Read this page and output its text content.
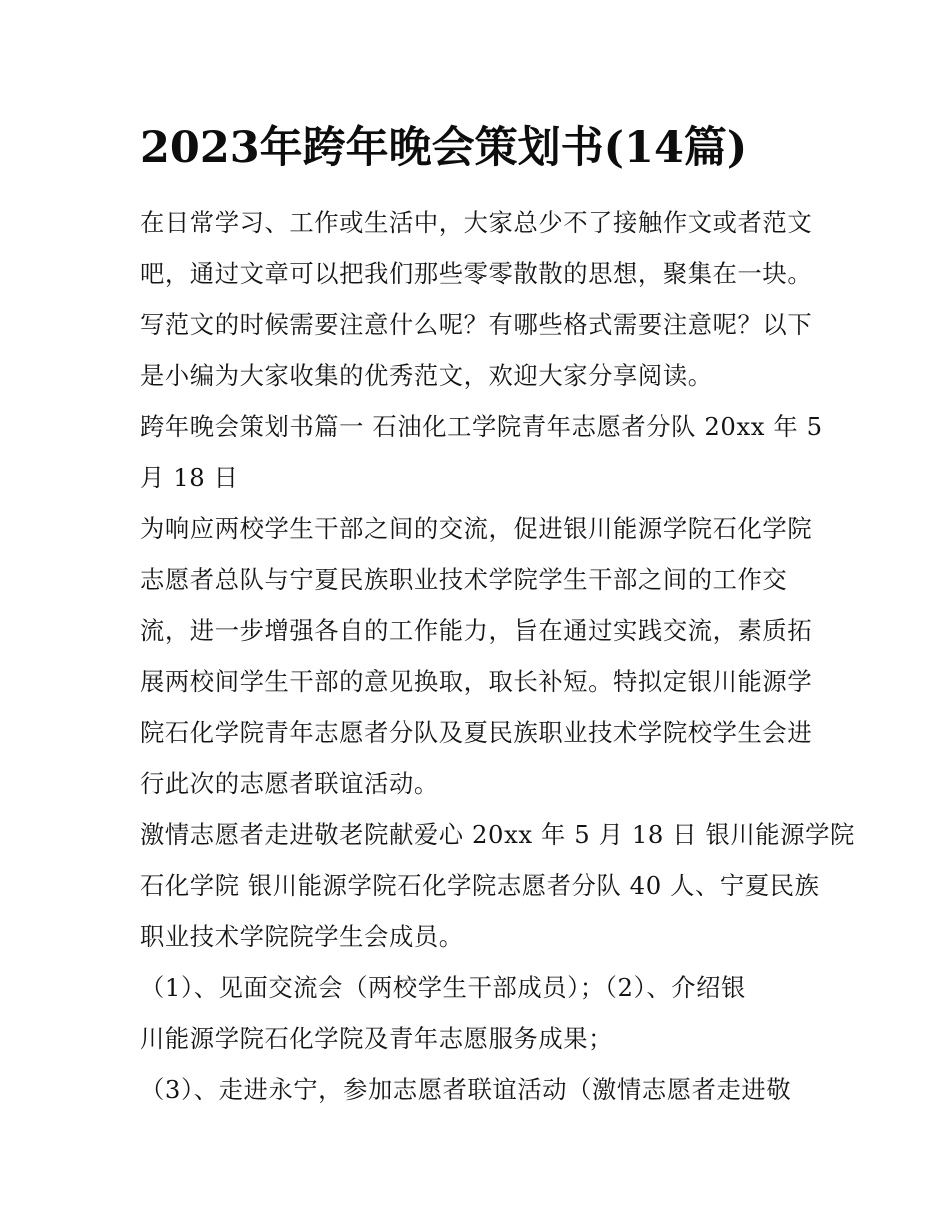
2023年跨年晚会策划书(14篇)

在日常学习、工作或生活中，大家总少不了接触作文或者范文
吧，通过文章可以把我们那些零零散散的思想，聚集在一块。
写范文的时候需要注意什么呢？有哪些格式需要注意呢？以下
是小编为大家收集的优秀范文，欢迎大家分享阅读。

跨年晚会策划书篇一 石油化工学院青年志愿者分队 20xx 年 5
月 18 日

为响应两校学生干部之间的交流，促进银川能源学院石化学院
志愿者总队与宁夏民族职业技术学院学生干部之间的工作交
流，进一步增强各自的工作能力，旨在通过实践交流，素质拓
展两校间学生干部的意见换取，取长补短。特拟定银川能源学
院石化学院青年志愿者分队及夏民族职业技术学院校学生会进
行此次的志愿者联谊活动。

激情志愿者走进敬老院献爱心 20xx 年 5 月 18 日 银川能源学院
石化学院 银川能源学院石化学院志愿者分队 40 人、宁夏民族
职业技术学院院学生会成员。

（1）、见面交流会（两校学生干部成员）；（2）、介绍银
川能源学院石化学院及青年志愿服务成果；

（3）、走进永宁，参加志愿者联谊活动（激情志愿者走进敬
